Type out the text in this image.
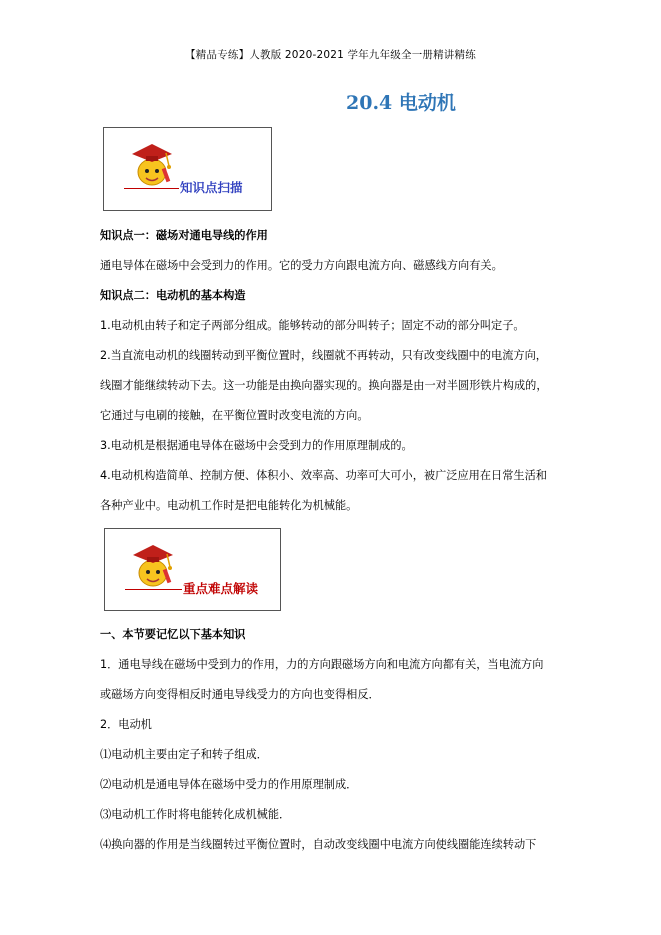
【精品专练】人教版 2020-2021 学年九年级全一册精讲精练
20.4 电动机
知识点扫描
知识点一：磁场对通电导线的作用
通电导体在磁场中会受到力的作用。它的受力方向跟电流方向、磁感线方向有关。
知识点二：电动机的基本构造
1.电动机由转子和定子两部分组成。能够转动的部分叫转子；固定不动的部分叫定子。
2.当直流电动机的线圈转动到平衡位置时，线圈就不再转动，只有改变线圈中的电流方向，
线圈才能继续转动下去。这一功能是由换向器实现的。换向器是由一对半圆形铁片构成的，
它通过与电刷的接触，在平衡位置时改变电流的方向。
3.电动机是根据通电导体在磁场中会受到力的作用原理制成的。
4.电动机构造简单、控制方便、体积小、效率高、功率可大可小，被广泛应用在日常生活和
各种产业中。电动机工作时是把电能转化为机械能。
重点难点解读
一、本节要记忆以下基本知识
1．通电导线在磁场中受到力的作用，力的方向跟磁场方向和电流方向都有关，当电流方向
或磁场方向变得相反时通电导线受力的方向也变得相反．
2．电动机
⑴电动机主要由定子和转子组成．
⑵电动机是通电导体在磁场中受力的作用原理制成．
⑶电动机工作时将电能转化成机械能．
⑷换向器的作用是当线圈转过平衡位置时，自动改变线圈中电流方向使线圈能连续转动下
